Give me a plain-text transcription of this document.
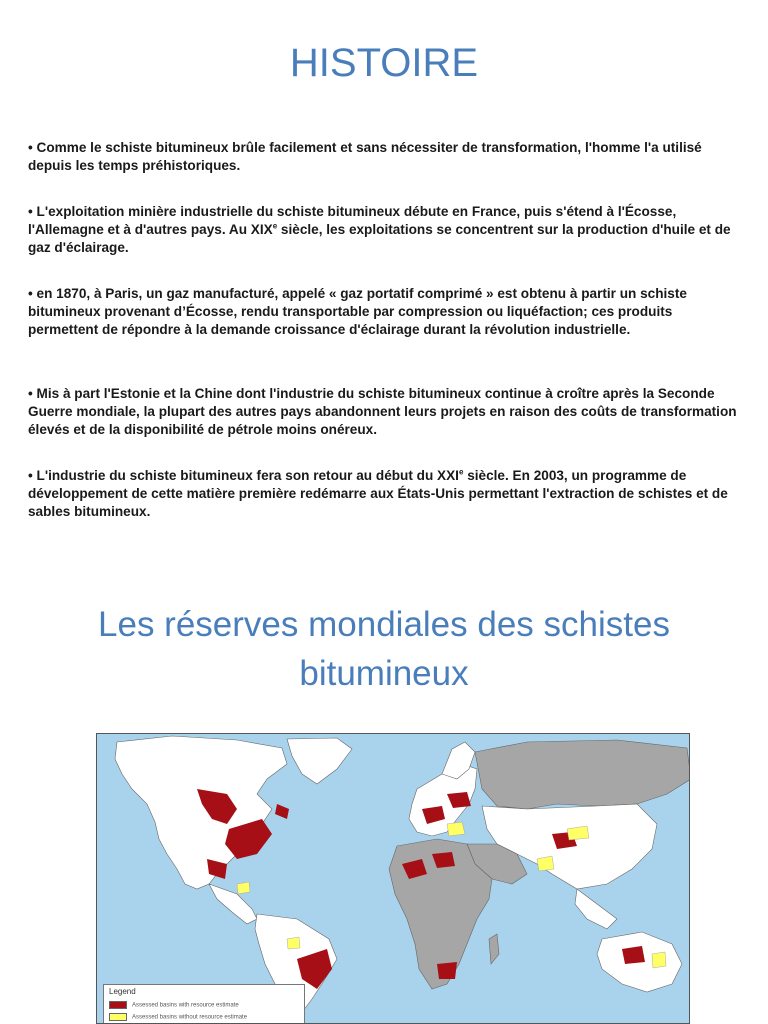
HISTOIRE
• Comme le schiste bitumineux brûle facilement et sans nécessiter de transformation, l'homme l'a utilisé depuis les temps préhistoriques.
• L'exploitation minière industrielle du schiste bitumineux débute en France, puis s'étend à l'Écosse, l'Allemagne et à d'autres pays. Au XIXe siècle, les exploitations se concentrent sur la production d'huile et de gaz d'éclairage.
• en 1870, à Paris, un gaz manufacturé, appelé « gaz portatif comprimé » est obtenu à partir un schiste bitumineux provenant d’Écosse, rendu transportable par compression ou liquéfaction; ces produits permettent de répondre à la demande croissance d'éclairage durant la révolution industrielle.
• Mis à part l'Estonie et la Chine dont l'industrie du schiste bitumineux continue à croître après la Seconde Guerre mondiale, la plupart des autres pays abandonnent leurs projets en raison des coûts de transformation élevés et de la disponibilité de pétrole moins onéreux.
• L'industrie du schiste bitumineux fera son retour au début du XXIe siècle. En 2003, un programme de développement de cette matière première redémarre aux États-Unis permettant l'extraction de schistes et de sables bitumineux.
Les réserves mondiales des schistes
bitumineux
Legend
Assessed basins with resource estimate
Assessed basins without resource estimate
